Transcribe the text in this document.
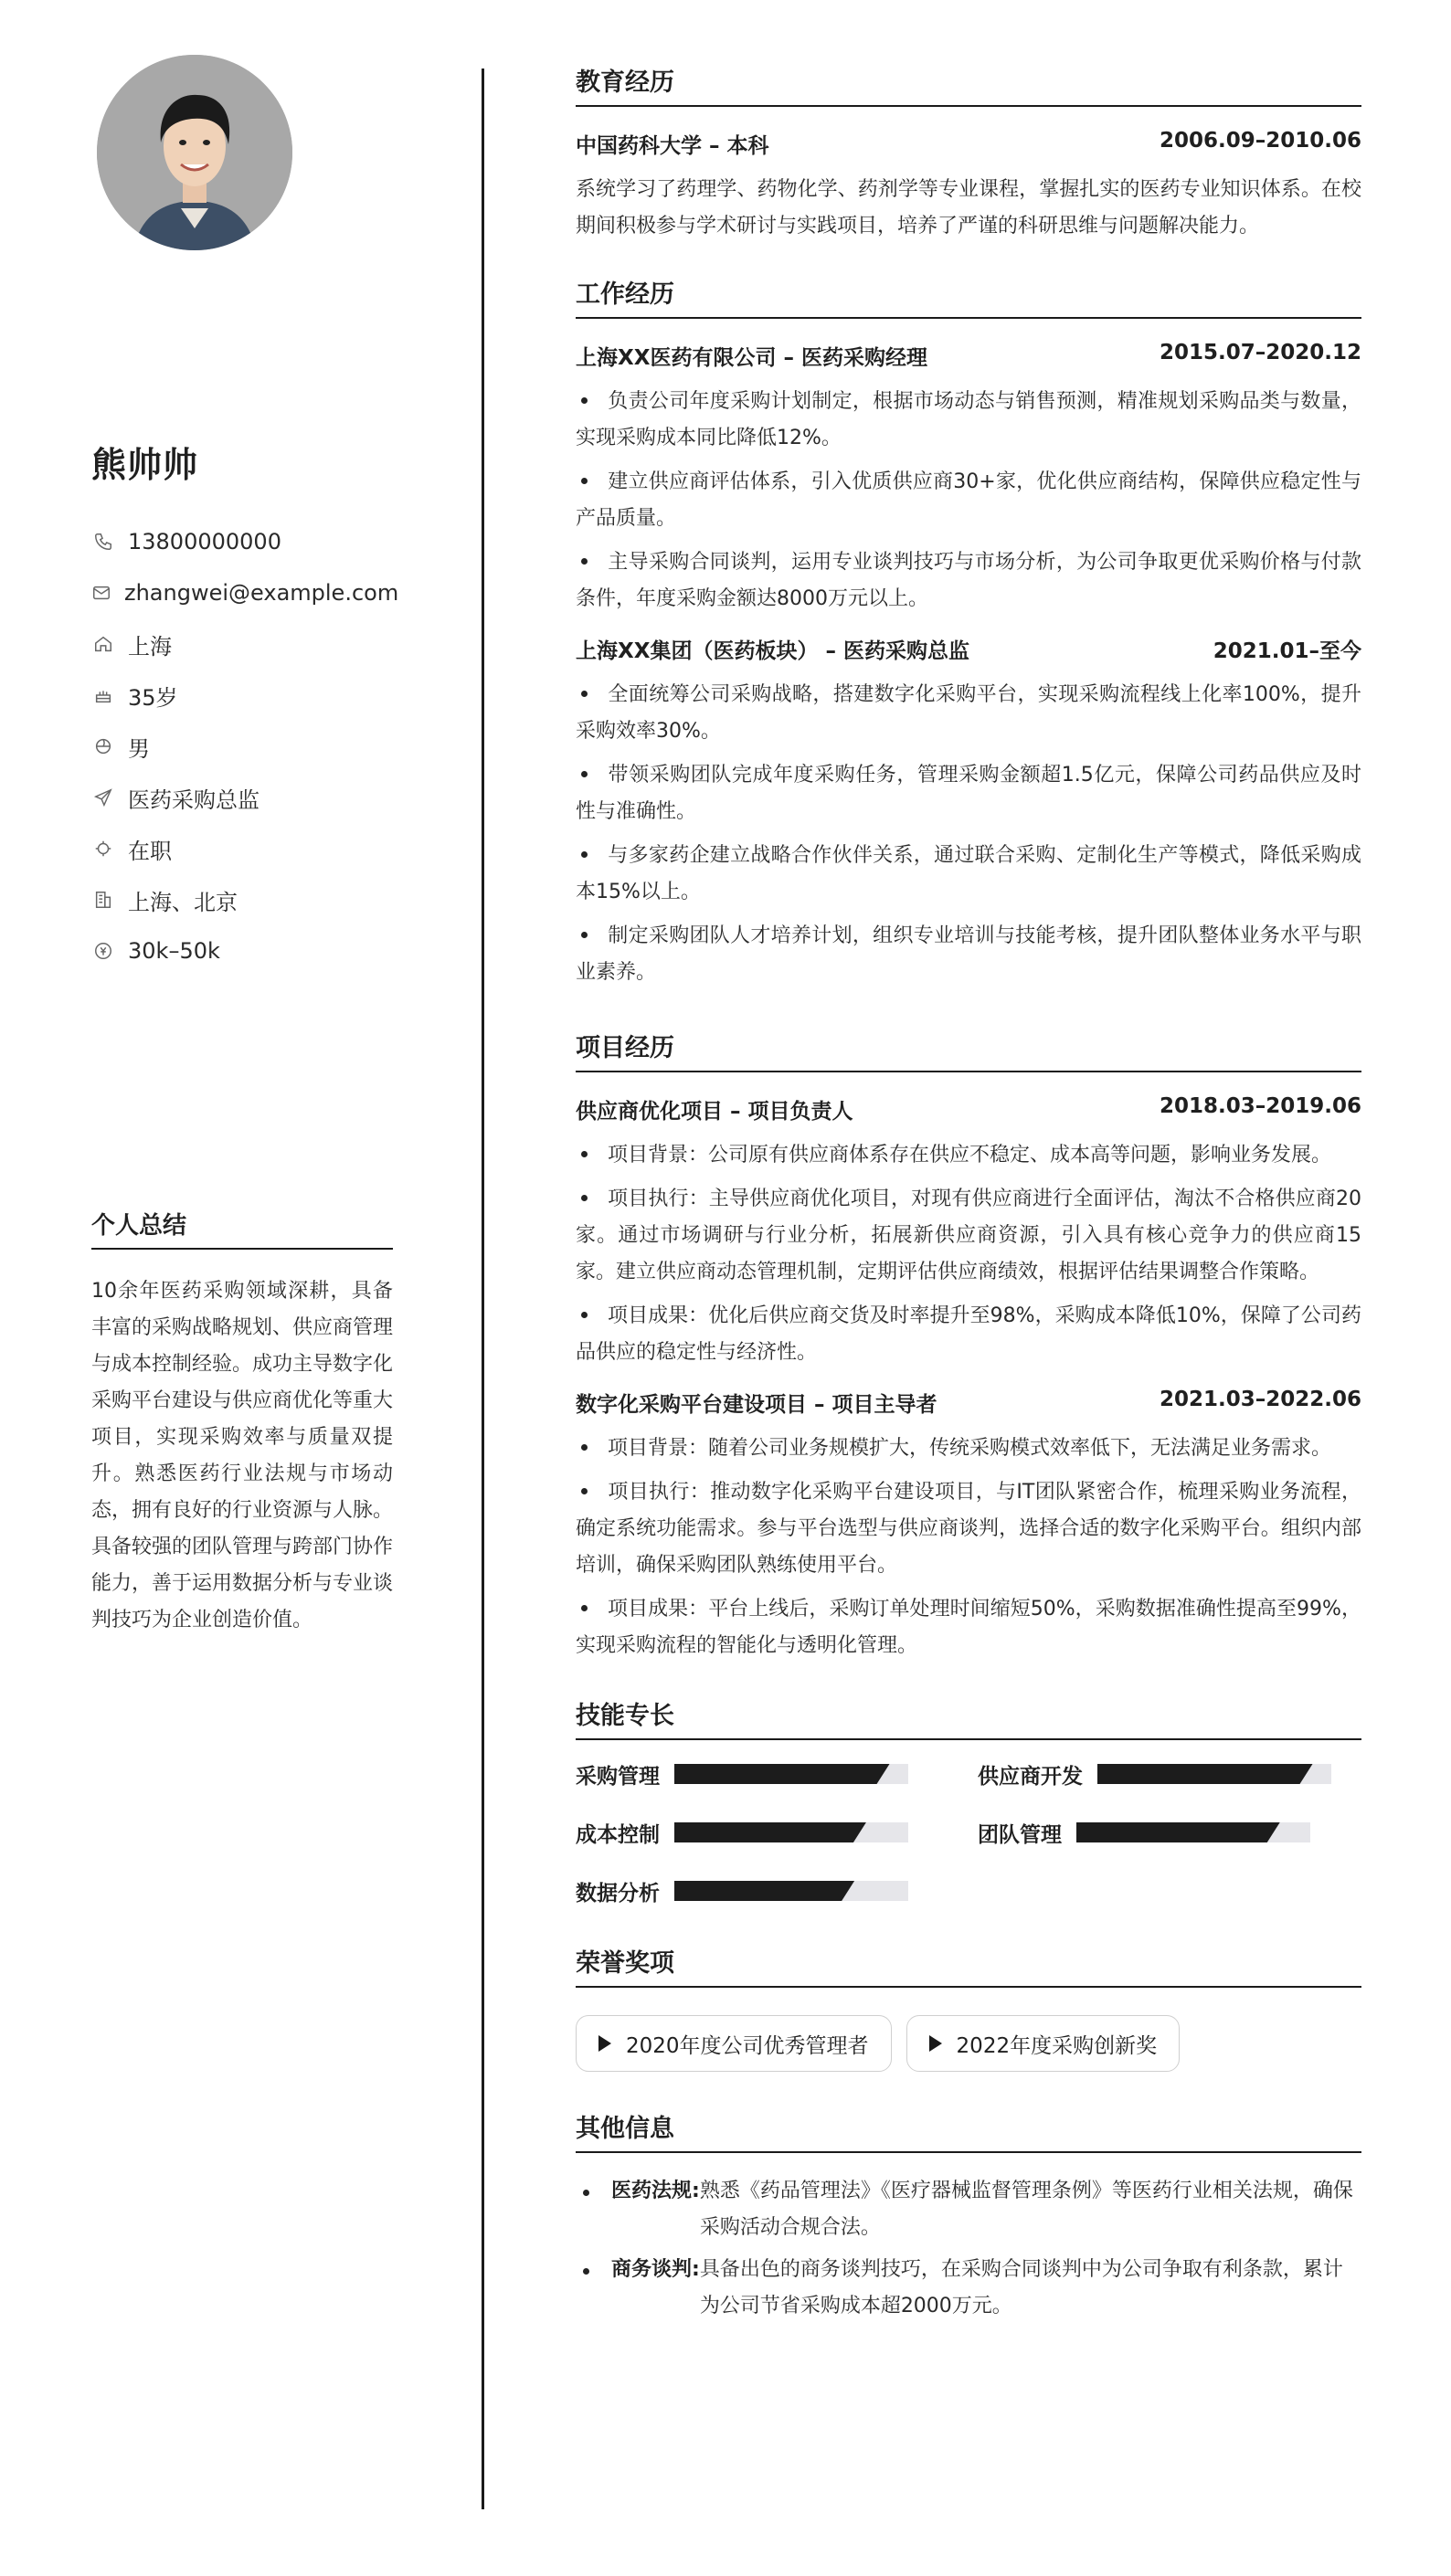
熊帅帅
13800000000
zhangwei@example.com
上海
35岁
男
医药采购总监
在职
上海、北京
30k–50k
个人总结
10余年医药采购领域深耕，具备丰富的采购战略规划、供应商管理与成本控制经验。成功主导数字化采购平台建设与供应商优化等重大项目，实现采购效率与质量双提升。熟悉医药行业法规与市场动态，拥有良好的行业资源与人脉。具备较强的团队管理与跨部门协作能力，善于运用数据分析与专业谈判技巧为企业创造价值。
教育经历
中国药科大学 – 本科	2006.09–2010.06
系统学习了药理学、药物化学、药剂学等专业课程，掌握扎实的医药专业知识体系。在校期间积极参与学术研讨与实践项目，培养了严谨的科研思维与问题解决能力。
工作经历
上海XX医药有限公司 – 医药采购经理	2015.07–2020.12
负责公司年度采购计划制定，根据市场动态与销售预测，精准规划采购品类与数量，实现采购成本同比降低12%。
建立供应商评估体系，引入优质供应商30+家，优化供应商结构，保障供应稳定性与产品质量。
主导采购合同谈判，运用专业谈判技巧与市场分析，为公司争取更优采购价格与付款条件，年度采购金额达8000万元以上。
上海XX集团（医药板块） – 医药采购总监	2021.01–至今
全面统筹公司采购战略，搭建数字化采购平台，实现采购流程线上化率100%，提升采购效率30%。
带领采购团队完成年度采购任务，管理采购金额超1.5亿元，保障公司药品供应及时性与准确性。
与多家药企建立战略合作伙伴关系，通过联合采购、定制化生产等模式，降低采购成本15%以上。
制定采购团队人才培养计划，组织专业培训与技能考核，提升团队整体业务水平与职业素养。
项目经历
供应商优化项目 – 项目负责人	2018.03–2019.06
项目背景：公司原有供应商体系存在供应不稳定、成本高等问题，影响业务发展。
项目执行：主导供应商优化项目，对现有供应商进行全面评估，淘汰不合格供应商20家。通过市场调研与行业分析，拓展新供应商资源，引入具有核心竞争力的供应商15家。建立供应商动态管理机制，定期评估供应商绩效，根据评估结果调整合作策略。
项目成果：优化后供应商交货及时率提升至98%，采购成本降低10%，保障了公司药品供应的稳定性与经济性。
数字化采购平台建设项目 – 项目主导者	2021.03–2022.06
项目背景：随着公司业务规模扩大，传统采购模式效率低下，无法满足业务需求。
项目执行：推动数字化采购平台建设项目，与IT团队紧密合作，梳理采购业务流程，确定系统功能需求。参与平台选型与供应商谈判，选择合适的数字化采购平台。组织内部培训，确保采购团队熟练使用平台。
项目成果：平台上线后，采购订单处理时间缩短50%，采购数据准确性提高至99%，实现采购流程的智能化与透明化管理。
技能专长
采购管理	供应商开发
成本控制	团队管理
数据分析
荣誉奖项
2020年度公司优秀管理者	2022年度采购创新奖
其他信息
医药法规: 熟悉《药品管理法》《医疗器械监督管理条例》等医药行业相关法规，确保采购活动合规合法。
商务谈判: 具备出色的商务谈判技巧，在采购合同谈判中为公司争取有利条款，累计为公司节省采购成本超2000万元。
